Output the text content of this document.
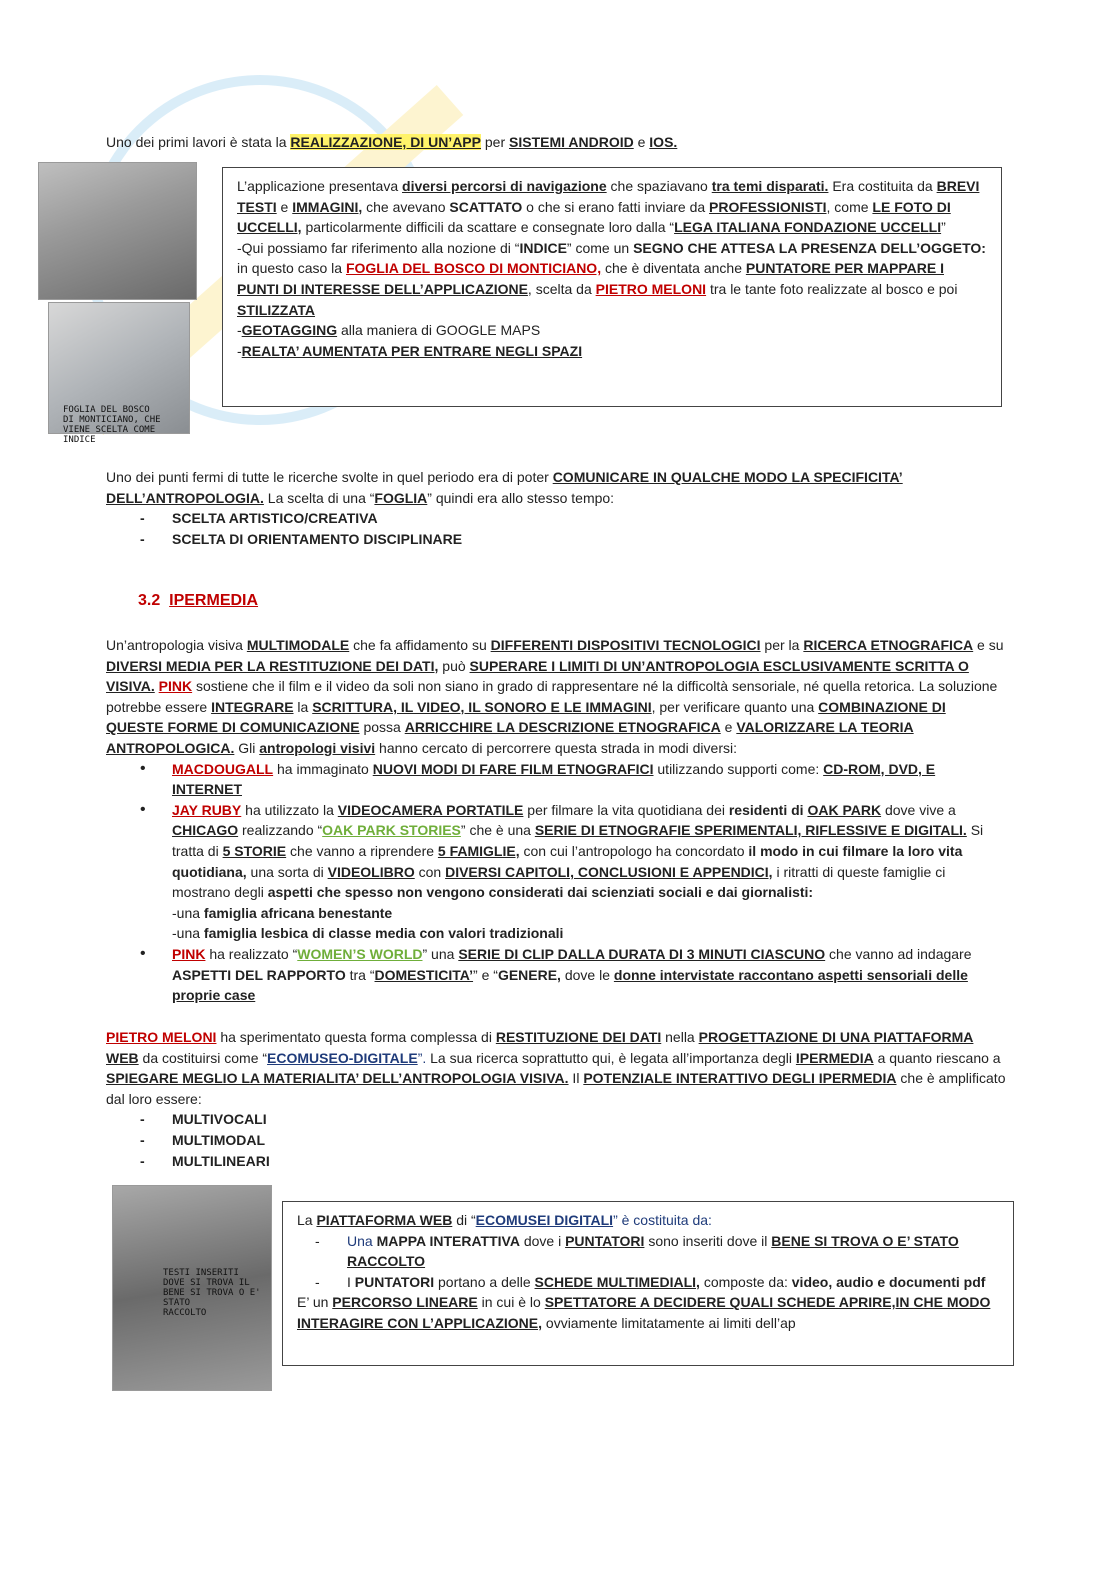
Uno dei primi lavori è stata la REALIZZAZIONE, DI UN’APP per SISTEMI ANDROID e IOS.

FOGLIA DEL BOSCO
DI MONTICIANO, CHE
VIENE SCELTA COME INDICE

L’applicazione presentava diversi percorsi di navigazione che spaziavano tra temi disparati. Era costituita da BREVI TESTI e IMMAGINI, che avevano SCATTATO o che si erano fatti inviare da PROFESSIONISTI, come LE FOTO DI UCCELLI, particolarmente difficili da scattare e consegnate loro dalla “LEGA ITALIANA FONDAZIONE UCCELLI”

-Qui possiamo far riferimento alla nozione di “INDICE” come un SEGNO CHE ATTESA LA PRESENZA DELL’OGGETO: in questo caso la FOGLIA DEL BOSCO DI MONTICIANO, che è diventata anche PUNTATORE PER MAPPARE I PUNTI DI INTERESSE DELL’APPLICAZIONE, scelta da PIETRO MELONI tra le tante foto realizzate al bosco e poi STILIZZATA

-GEOTAGGING alla maniera di GOOGLE MAPS

-REALTA’ AUMENTATA PER ENTRARE NEGLI SPAZI

Uno dei punti fermi di tutte le ricerche svolte in quel periodo era di poter COMUNICARE IN QUALCHE MODO LA SPECIFICITA’ DELL’ANTROPOLOGIA. La scelta di una “FOGLIA” quindi era allo stesso tempo:

- SCELTA ARTISTICO/CREATIVA
- SCELTA DI ORIENTAMENTO DISCIPLINARE
3.2 IPERMEDIA

Un’antropologia visiva MULTIMODALE che fa affidamento su DIFFERENTI DISPOSITIVI TECNOLOGICI per la RICERCA ETNOGRAFICA e su DIVERSI MEDIA PER LA RESTITUZIONE DEI DATI, può SUPERARE I LIMITI DI UN’ANTROPOLOGIA ESCLUSIVAMENTE SCRITTA O VISIVA. PINK sostiene che il film e il video da soli non siano in grado di rappresentare né la difficoltà sensoriale, né quella retorica. La soluzione potrebbe essere INTEGRARE la SCRITTURA, IL VIDEO, IL SONORO E LE IMMAGINI, per verificare quanto una COMBINAZIONE DI QUESTE FORME DI COMUNICAZIONE possa ARRICCHIRE LA DESCRIZIONE ETNOGRAFICA e VALORIZZARE LA TEORIA ANTROPOLOGICA. Gli antropologi visivi hanno cercato di percorrere questa strada in modi diversi:

• MACDOUGALL ha immaginato NUOVI MODI DI FARE FILM ETNOGRAFICI utilizzando supporti come: CD-ROM, DVD, E INTERNET
• JAY RUBY ha utilizzato la VIDEOCAMERA PORTATILE per filmare la vita quotidiana dei residenti di OAK PARK dove vive a CHICAGO realizzando “OAK PARK STORIES” che è una SERIE DI ETNOGRAFIE SPERIMENTALI, RIFLESSIVE E DIGITALI. Si tratta di 5 STORIE che vanno a riprendere 5 FAMIGLIE, con cui l’antropologo ha concordato il modo in cui filmare la loro vita quotidiana, una sorta di VIDEOLIBRO con DIVERSI CAPITOLI, CONCLUSIONI E APPENDICI, i ritratti di queste famiglie ci mostrano degli aspetti che spesso non vengono considerati dai scienziati sociali e dai giornalisti:
-una famiglia africana benestante
-una famiglia lesbica di classe media con valori tradizionali
• PINK ha realizzato “WOMEN’S WORLD” una SERIE DI CLIP DALLA DURATA DI 3 MINUTI CIASCUNO che vanno ad indagare ASPETTI DEL RAPPORTO tra “DOMESTICITA’” e “GENERE, dove le donne intervistate raccontano aspetti sensoriali delle proprie case

PIETRO MELONI ha sperimentato questa forma complessa di RESTITUZIONE DEI DATI nella PROGETTAZIONE DI UNA PIATTAFORMA WEB da costituirsi come “ECOMUSEO-DIGITALE”. La sua ricerca soprattutto qui, è legata all’importanza degli IPERMEDIA a quanto riescano a SPIEGARE MEGLIO LA MATERIALITA’ DELL’ANTROPOLOGIA VISIVA. Il POTENZIALE INTERATTIVO DEGLI IPERMEDIA che è amplificato dal loro essere:

- MULTIVOCALI
- MULTIMODAL
- MULTILINEARI
TESTI INSERITI
DOVE SI TROVA IL
BENE SI TROVA O E' STATO
RACCOLTO

La PIATTAFORMA WEB di “ECOMUSEI DIGITALI” è costituita da:

- Una MAPPA INTERATTIVA dove i PUNTATORI sono inseriti dove il BENE SI TROVA O E’ STATO RACCOLTO
- I PUNTATORI portano a delle SCHEDE MULTIMEDIALI, composte da: video, audio e documenti pdf

E’ un PERCORSO LINEARE in cui è lo SPETTATORE A DECIDERE QUALI SCHEDE APRIRE,IN CHE MODO INTERAGIRE CON L’APPLICAZIONE, ovviamente limitatamente ai limiti dell’ap
